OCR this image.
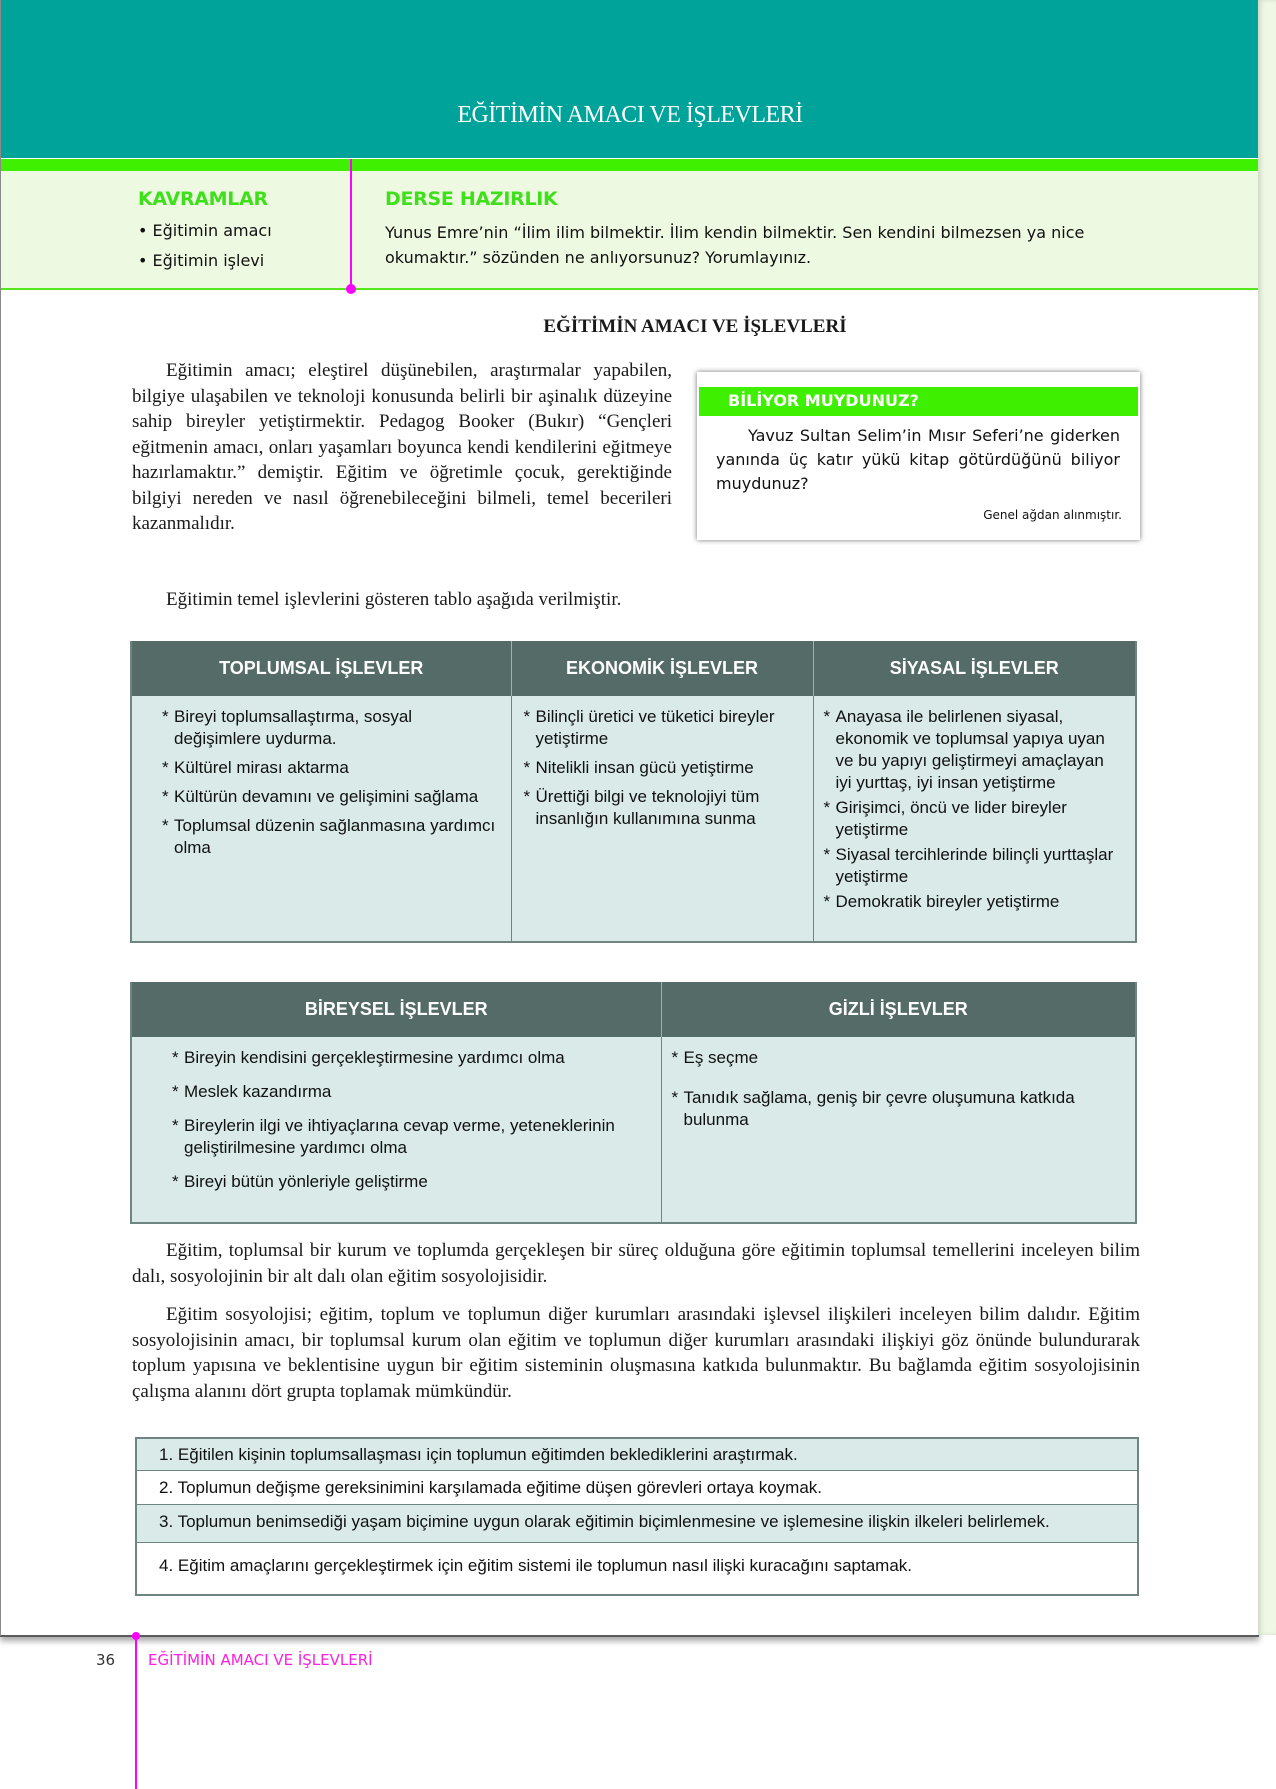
EĞİTİMİN AMACI VE İŞLEVLERİ
KAVRAMLAR
• Eğitimin amacı
• Eğitimin işlevi
DERSE HAZIRLIK
Yunus Emre’nin “İlim ilim bilmektir. İlim kendin bilmektir. Sen kendini bilmezsen ya nice okumaktır.” sözünden ne anlıyorsunuz? Yorumlayınız.
EĞİTİMİN AMACI VE İŞLEVLERİ

Eğitimin amacı; eleştirel düşünebilen, araştırmalar yapabilen, bilgiye ulaşabilen ve teknoloji konusunda belirli bir aşinalık düzeyine sahip bireyler yetiştirmektir. Pedagog Booker (Bukır) “Gençleri eğitmenin amacı, onları yaşamları boyunca kendi kendilerini eğitmeye hazırlamaktır.” demiştir. Eğitim ve öğretimle çocuk, gerektiğinde bilgiyi nereden ve nasıl öğrenebileceğini bilmeli, temel becerileri kazanmalıdır.

Eğitimin temel işlevlerini gösteren tablo aşağıda verilmiştir.

BİLİYOR MUYDUNUZ?
Yavuz Sultan Selim’in Mısır Seferi’ne giderken yanında üç katır yükü kitap götürdüğünü biliyor muydunuz?
Genel ağdan alınmıştır.
TOPLUMSAL İŞLEVLER	EKONOMİK İŞLEVLER	SİYASAL İŞLEVLER

* Bireyi toplumsallaştırma, sosyal değişimlere uydurma.
* Kültürel mirası aktarma
* Kültürün devamını ve gelişimini sağlama
* Toplumsal düzenin sağlanmasına yardımcı olma

* Bilinçli üretici ve tüketici bireyler yetiştirme
* Nitelikli insan gücü yetiştirme
* Ürettiği bilgi ve teknolojiyi tüm insanlığın kullanımına sunma

* Anayasa ile belirlenen siyasal, ekonomik ve toplumsal yapıya uyan ve bu yapıyı geliştirmeyi amaçlayan iyi yurttaş, iyi insan yetiştirme
* Girişimci, öncü ve lider bireyler yetiştirme
* Siyasal tercihlerinde bilinçli yurttaşlar yetiştirme
* Demokratik bireyler yetiştirme
BİREYSEL İŞLEVLER	GİZLİ İŞLEVLER

* Bireyin kendisini gerçekleştirmesine yardımcı olma
* Meslek kazandırma
* Bireylerin ilgi ve ihtiyaçlarına cevap verme, yeteneklerinin geliştirilmesine yardımcı olma
* Bireyi bütün yönleriyle geliştirme

* Eş seçme
* Tanıdık sağlama, geniş bir çevre oluşumuna katkıda bulunma

Eğitim, toplumsal bir kurum ve toplumda gerçekleşen bir süreç olduğuna göre eğitimin toplumsal temellerini inceleyen bilim dalı, sosyolojinin bir alt dalı olan eğitim sosyolojisidir.

Eğitim sosyolojisi; eğitim, toplum ve toplumun diğer kurumları arasındaki işlevsel ilişkileri inceleyen bilim dalıdır. Eğitim sosyolojisinin amacı, bir toplumsal kurum olan eğitim ve toplumun diğer kurumları arasındaki ilişkiyi göz önünde bulundurarak toplum yapısına ve beklentisine uygun bir eğitim sisteminin oluşmasına katkıda bulunmaktır. Bu bağlamda eğitim sosyolojisinin çalışma alanını dört grupta toplamak mümkündür.

1. Eğitilen kişinin toplumsallaşması için toplumun eğitimden beklediklerini araştırmak.
2. Toplumun değişme gereksinimini karşılamada eğitime düşen görevleri ortaya koymak.
3. Toplumun benimsediği yaşam biçimine uygun olarak eğitimin biçimlenmesine ve işlemesine ilişkin ilkeleri belirlemek.
4. Eğitim amaçlarını gerçekleştirmek için eğitim sistemi ile toplumun nasıl ilişki kuracağını saptamak.
36 EĞİTİMİN AMACI VE İŞLEVLERİ
